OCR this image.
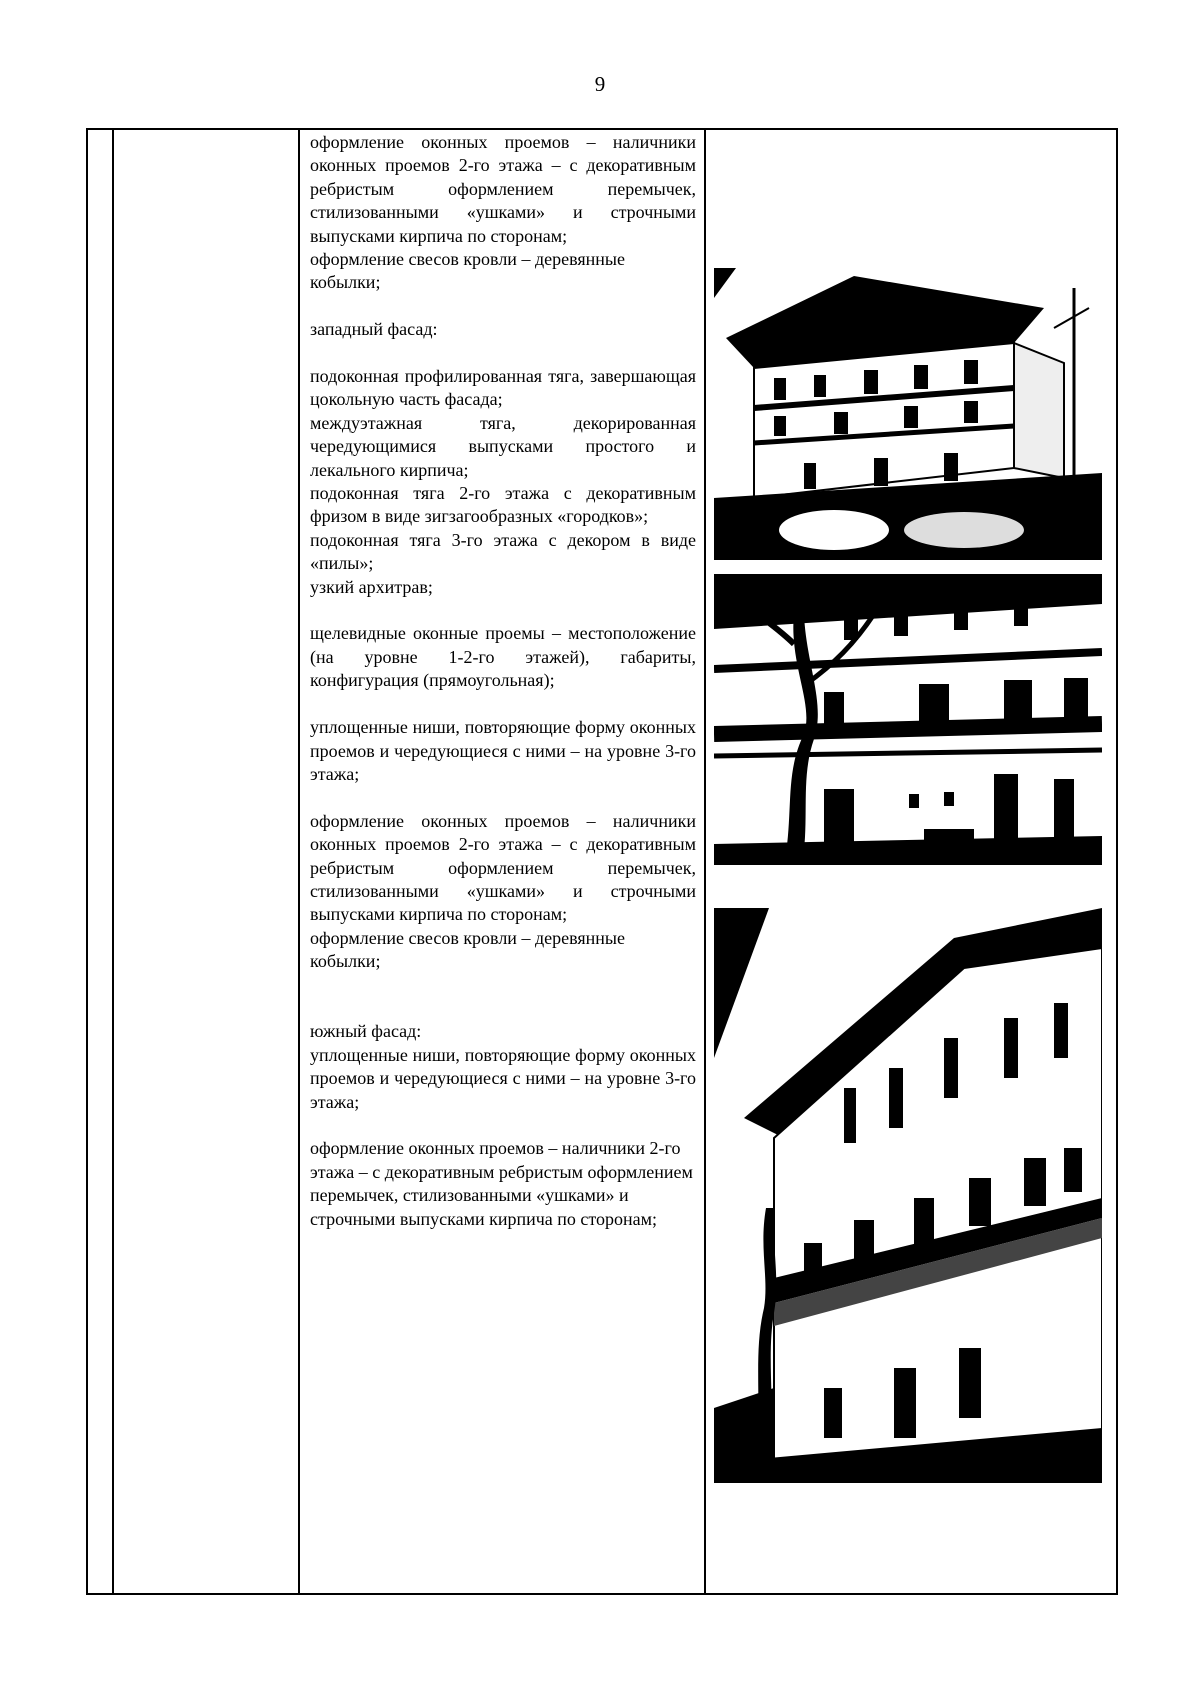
9

оформление оконных проемов – наличники оконных проемов 2-го этажа – с декоративным ребристым оформлением перемычек, стилизованными «ушками» и строчными выпусками кирпича по сторонам;

оформление свесов кровли – деревянные кобылки;

западный фасад:

подоконная профилированная тяга, завершающая цокольную часть фасада;

междуэтажная тяга, декорированная чередующимися выпусками простого и лекального кирпича;

подоконная тяга 2-го этажа с декоративным фризом в виде зигзагообразных «городков»;

подоконная тяга 3-го этажа с декором в виде «пилы»;

узкий архитрав;

щелевидные оконные проемы – местоположение (на уровне 1-2-го этажей), габариты, конфигурация (прямоугольная);

уплощенные ниши, повторяющие форму оконных проемов и чередующиеся с ними – на уровне 3-го этажа;

оформление оконных проемов – наличники оконных проемов 2-го этажа – с декоративным ребристым оформлением перемычек, стилизованными «ушками» и строчными выпусками кирпича по сторонам;

оформление свесов кровли – деревянные кобылки;

южный фасад:

уплощенные ниши, повторяющие форму оконных проемов и чередующиеся с ними – на уровне 3-го этажа;

оформление оконных проемов – наличники 2-го этажа – с декоративным ребристым оформлением перемычек, стилизованными «ушками» и строчными выпусками кирпича по сторонам;
